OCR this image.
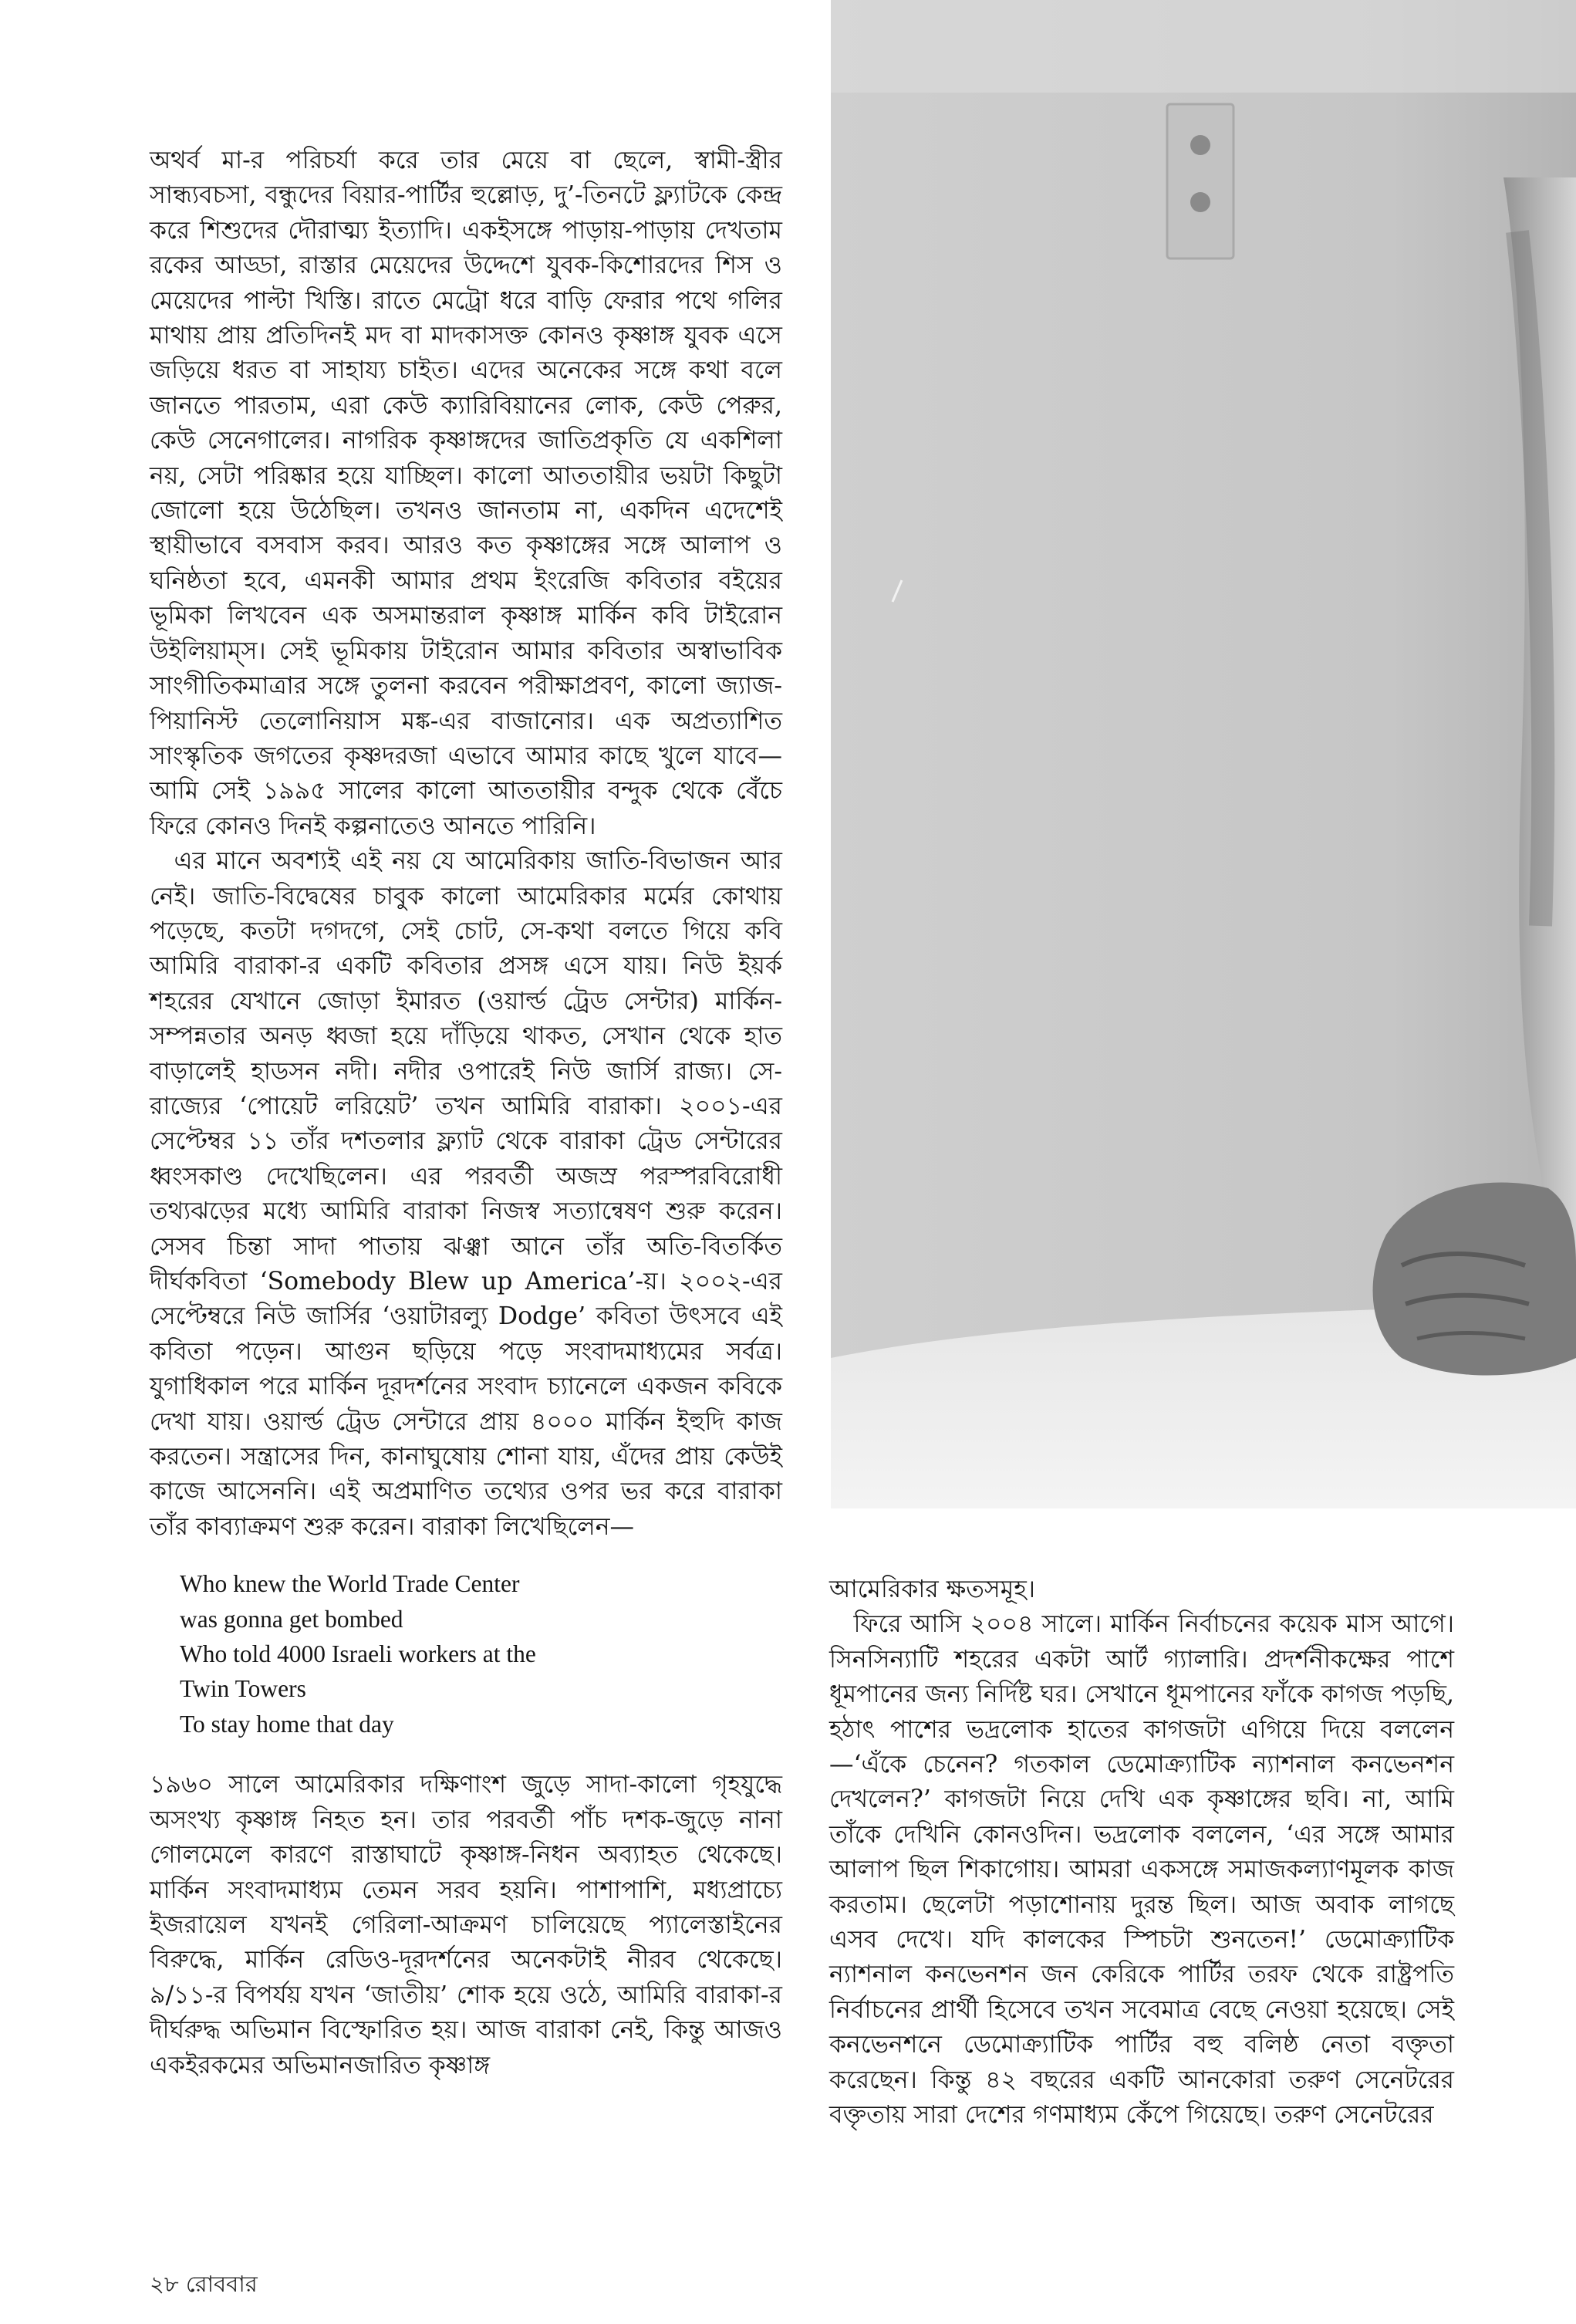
অথর্ব মা-র পরিচর্যা করে তার মেয়ে বা ছেলে, স্বামী-স্ত্রীর সান্ধ্যবচসা, বন্ধুদের বিয়ার-পার্টির হুল্লোড়, দু’-তিনটে ফ্ল্যাটকে কেন্দ্র করে শিশুদের দৌরাত্ম্য ইত্যাদি। একইসঙ্গে পাড়ায়-পাড়ায় দেখতাম রকের আড্ডা, রাস্তার মেয়েদের উদ্দেশে যুবক-কিশোরদের শিস ও মেয়েদের পাল্টা খিস্তি। রাতে মেট্রো ধরে বাড়ি ফেরার পথে গলির মাথায় প্রায় প্রতিদিনই মদ বা মাদকাসক্ত কোনও কৃষ্ণাঙ্গ যুবক এসে জড়িয়ে ধরত বা সাহায্য চাইত। এদের অনেকের সঙ্গে কথা বলে জানতে পারতাম, এরা কেউ ক্যারিবিয়ানের লোক, কেউ পেরুর, কেউ সেনেগালের। নাগরিক কৃষ্ণাঙ্গদের জাতিপ্রকৃতি যে একশিলা নয়, সেটা পরিষ্কার হয়ে যাচ্ছিল। কালো আততায়ীর ভয়টা কিছুটা জোলো হয়ে উঠেছিল। তখনও জানতাম না, একদিন এদেশেই স্থায়ীভাবে বসবাস করব। আরও কত কৃষ্ণাঙ্গের সঙ্গে আলাপ ও ঘনিষ্ঠতা হবে, এমনকী আমার প্রথম ইংরেজি কবিতার বইয়ের ভূমিকা লিখবেন এক অসমান্তরাল কৃষ্ণাঙ্গ মার্কিন কবি টাইরোন উইলিয়াম্স। সেই ভূমিকায় টাইরোন আমার কবিতার অস্বাভাবিক সাংগীতিকমাত্রার সঙ্গে তুলনা করবেন পরীক্ষাপ্রবণ, কালো জ্যাজ-পিয়ানিস্ট তেলোনিয়াস মঙ্ক-এর বাজানোর। এক অপ্রত্যাশিত সাংস্কৃতিক জগতের কৃষ্ণদরজা এভাবে আমার কাছে খুলে যাবে—আমি সেই ১৯৯৫ সালের কালো আততায়ীর বন্দুক থেকে বেঁচে ফিরে কোনও দিনই কল্পনাতেও আনতে পারিনি।

এর মানে অবশ্যই এই নয় যে আমেরিকায় জাতি-বিভাজন আর নেই। জাতি-বিদ্বেষের চাবুক কালো আমেরিকার মর্মের কোথায় পড়েছে, কতটা দগদগে, সেই চোট, সে-কথা বলতে গিয়ে কবি আমিরি বারাকা-র একটি কবিতার প্রসঙ্গ এসে যায়। নিউ ইয়র্ক শহরের যেখানে জোড়া ইমারত (ওয়ার্ল্ড ট্রেড সেন্টার) মার্কিন-সম্পন্নতার অনড় ধ্বজা হয়ে দাঁড়িয়ে থাকত, সেখান থেকে হাত বাড়ালেই হাডসন নদী। নদীর ওপারেই নিউ জার্সি রাজ্য। সে-রাজ্যের ‘পোয়েট লরিয়েট’ তখন আমিরি বারাকা। ২০০১-এর সেপ্টেম্বর ১১ তাঁর দশতলার ফ্ল্যাট থেকে বারাকা ট্রেড সেন্টারের ধ্বংসকাণ্ড দেখেছিলেন। এর পরবর্তী অজস্র পরস্পরবিরোধী তথ্যঝড়ের মধ্যে আমিরি বারাকা নিজস্ব সত্যান্বেষণ শুরু করেন। সেসব চিন্তা সাদা পাতায় ঝঞ্ঝা আনে তাঁর অতি-বিতর্কিত দীর্ঘকবিতা ‘Somebody Blew up America’-য়। ২০০২-এর সেপ্টেম্বরে নিউ জার্সির ‘ওয়াটারল্যু Dodge’ কবিতা উৎসবে এই কবিতা পড়েন। আগুন ছড়িয়ে পড়ে সংবাদমাধ্যমের সর্বত্র। যুগাধিকাল পরে মার্কিন দূরদর্শনের সংবাদ চ্যানেলে একজন কবিকে দেখা যায়। ওয়ার্ল্ড ট্রেড সেন্টারে প্রায় ৪০০০ মার্কিন ইহুদি কাজ করতেন। সন্ত্রাসের দিন, কানাঘুষোয় শোনা যায়, এঁদের প্রায় কেউই কাজে আসেননি। এই অপ্রমাণিত তথ্যের ওপর ভর করে বারাকা তাঁর কাব্যাক্রমণ শুরু করেন। বারাকা লিখেছিলেন—

Who knew the World Trade Center
was gonna get bombed
Who told 4000 Israeli workers at the
Twin Towers
To stay home that day

১৯৬০ সালে আমেরিকার দক্ষিণাংশ জুড়ে সাদা-কালো গৃহযুদ্ধে অসংখ্য কৃষ্ণাঙ্গ নিহত হন। তার পরবর্তী পাঁচ দশক-জুড়ে নানা গোলমেলে কারণে রাস্তাঘাটে কৃষ্ণাঙ্গ-নিধন অব্যাহত থেকেছে। মার্কিন সংবাদমাধ্যম তেমন সরব হয়নি। পাশাপাশি, মধ্যপ্রাচ্যে ইজরায়েল যখনই গেরিলা-আক্রমণ চালিয়েছে প্যালেস্তাইনের বিরুদ্ধে, মার্কিন রেডিও-দূরদর্শনের অনেকটাই নীরব থেকেছে। ৯/১১-র বিপর্যয় যখন ‘জাতীয়’ শোক হয়ে ওঠে, আমিরি বারাকা-র দীর্ঘরুদ্ধ অভিমান বিস্ফোরিত হয়। আজ বারাকা নেই, কিন্তু আজও একইরকমের অভিমানজারিত কৃষ্ণাঙ্গ

আমেরিকার ক্ষতসমূহ।

ফিরে আসি ২০০৪ সালে। মার্কিন নির্বাচনের কয়েক মাস আগে। সিনসিন্যাটি শহরের একটা আর্ট গ্যালারি। প্রদর্শনীকক্ষের পাশে ধূমপানের জন্য নির্দিষ্ট ঘর। সেখানে ধূমপানের ফাঁকে কাগজ পড়ছি, হঠাৎ পাশের ভদ্রলোক হাতের কাগজটা এগিয়ে দিয়ে বললেন—‘এঁকে চেনেন? গতকাল ডেমোক্র্যাটিক ন্যাশনাল কনভেনশন দেখলেন?’ কাগজটা নিয়ে দেখি এক কৃষ্ণাঙ্গের ছবি। না, আমি তাঁকে দেখিনি কোনওদিন। ভদ্রলোক বললেন, ‘এর সঙ্গে আমার আলাপ ছিল শিকাগোয়। আমরা একসঙ্গে সমাজকল্যাণমূলক কাজ করতাম। ছেলেটা পড়াশোনায় দুরন্ত ছিল। আজ অবাক লাগছে এসব দেখে। যদি কালকের স্পিচটা শুনতেন!’ ডেমোক্র্যাটিক ন্যাশনাল কনভেনশন জন কেরিকে পার্টির তরফ থেকে রাষ্ট্রপতি নির্বাচনের প্রার্থী হিসেবে তখন সবেমাত্র বেছে নেওয়া হয়েছে। সেই কনভেনশনে ডেমোক্র্যাটিক পার্টির বহু বলিষ্ঠ নেতা বক্তৃতা করেছেন। কিন্তু ৪২ বছরের একটি আনকোরা তরুণ সেনেটরের বক্তৃতায় সারা দেশের গণমাধ্যম কেঁপে গিয়েছে। তরুণ সেনেটরের

২৮ রোববার
